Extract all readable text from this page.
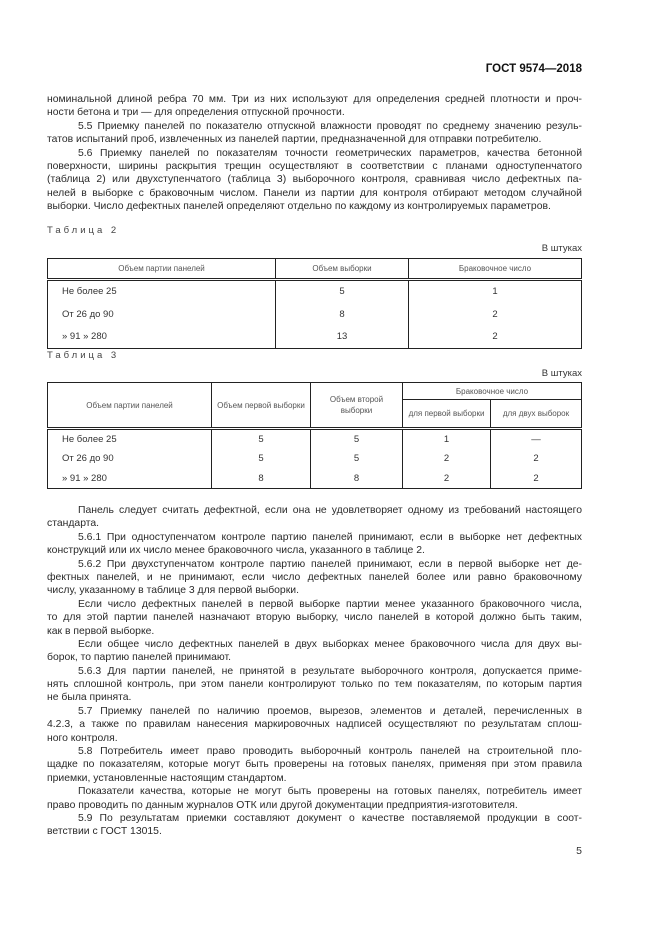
ГОСТ 9574—2018
номинальной длиной ребра 70 мм. Три из них используют для определения средней плотности и проч-
ности бетона и три — для определения отпускной прочности.
5.5 Приемку панелей по показателю отпускной влажности проводят по среднему значению резуль-
татов испытаний проб, извлеченных из панелей партии, предназначенной для отправки потребителю.
5.6 Приемку панелей по показателям точности геометрических параметров, качества бетонной
поверхности, ширины раскрытия трещин осуществляют в соответствии с планами одноступенчатого
(таблица 2) или двухступенчатого (таблица 3) выборочного контроля, сравнивая число дефектных па-
нелей в выборке с браковочным числом. Панели из партии для контроля отбирают методом случайной
выборки. Число дефектных панелей определяют отдельно по каждому из контролируемых параметров.
Таблица 2
В штуках
Объем партии панелей	Объем выборки	Браковочное число
Не более 25	5	1
От 26 до 90	8	2
» 91 » 280	13	2
Таблица 3
В штуках
Объем партии панелей	Объем первой выборки	Объем второй выборки	Браковочное число	
			для первой выборки	для двух выборок
Не более 25	5	5	1	—
От 26 до 90	5	5	2	2
» 91 » 280	8	8	2	2
Панель следует считать дефектной, если она не удовлетворяет одному из требований настоящего
стандарта.
5.6.1 При одноступенчатом контроле партию панелей принимают, если в выборке нет дефектных
конструкций или их число менее браковочного числа, указанного в таблице 2.
5.6.2 При двухступенчатом контроле партию панелей принимают, если в первой выборке нет де-
фектных панелей, и не принимают, если число дефектных панелей более или равно браковочному
числу, указанному в таблице 3 для первой выборки.
Если число дефектных панелей в первой выборке партии менее указанного браковочного числа,
то для этой партии панелей назначают вторую выборку, число панелей в которой должно быть таким,
как в первой выборке.
Если общее число дефектных панелей в двух выборках менее браковочного числа для двух вы-
борок, то партию панелей принимают.
5.6.3 Для партии панелей, не принятой в результате выборочного контроля, допускается приме-
нять сплошной контроль, при этом панели контролируют только по тем показателям, по которым партия
не была принята.
5.7 Приемку панелей по наличию проемов, вырезов, элементов и деталей, перечисленных в
4.2.3, а также по правилам нанесения маркировочных надписей осуществляют по результатам сплош-
ного контроля.
5.8 Потребитель имеет право проводить выборочный контроль панелей на строительной пло-
щадке по показателям, которые могут быть проверены на готовых панелях, применяя при этом правила
приемки, установленные настоящим стандартом.
Показатели качества, которые не могут быть проверены на готовых панелях, потребитель имеет
право проводить по данным журналов ОТК или другой документации предприятия-изготовителя.
5.9 По результатам приемки составляют документ о качестве поставляемой продукции в соот-
ветствии с ГОСТ 13015.
5
